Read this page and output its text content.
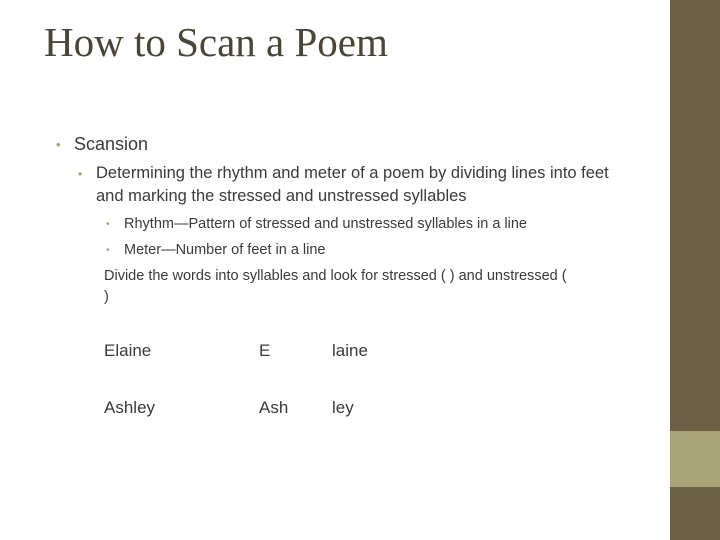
How to Scan a Poem
• Scansion
• Determining the rhythm and meter of a poem by dividing lines into feet and marking the stressed and unstressed syllables
• Rhythm—Pattern of stressed and unstressed syllables in a line
• Meter—Number of feet in a line
Divide the words into syllables and look for stressed ( ) and unstressed ( )
Elaine	E	laine
Ashley	Ash	ley
